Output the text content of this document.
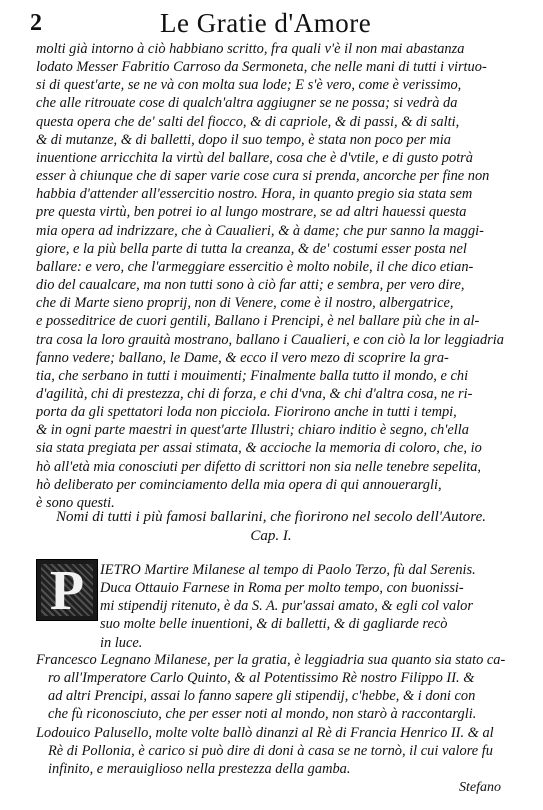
2	Le Gratie d'Amore
molti già intorno à ciò habbiano scritto, fra quali v'è il non mai abastanza
lodato Messer Fabritio Carroso da Sermoneta, che nelle mani di tutti i virtuo-
si di quest'arte, se ne và con molta sua lode; E s'è vero, come è verissimo,
che alle ritrouate cose di qualch'altra aggiugner se ne possa; si vedrà da
questa opera che de' salti del fiocco, & di capriole, & di passi, & di salti,
& di mutanze, & di balletti, dopo il suo tempo, è stata non poco per mia
inuentione arricchita la virtù del ballare, cosa che è d'vtile, e di gusto potrà
esser à chiunque che di saper varie cose cura si prenda, ancorche per fine non
habbia d'attender all'essercitio nostro. Hora, in quanto pregio sia stata sem
pre questa virtù, ben potrei io al lungo mostrare, se ad altri hauessi questa
mia opera ad indrizzare, che à Caualieri, & à dame; che pur sanno la maggi-
giore, e la più bella parte di tutta la creanza, & de' costumi esser posta nel
ballare: e vero, che l'armeggiare essercitio è molto nobile, il che dico etian-
dio del caualcare, ma non tutti sono à ciò far atti; e sembra, per vero dire,
che di Marte sieno proprij, non di Venere, come è il nostro, albergatrice,
e posseditrice de cuori gentili, Ballano i Prencipi, è nel ballare più che in al-
tra cosa la loro grauità mostrano, ballano i Caualieri, e con ciò la lor leggiadria
fanno vedere; ballano, le Dame, & ecco il vero mezo di scoprire la gra-
tia, che serbano in tutti i mouimenti; Finalmente balla tutto il mondo, e chi
d'agilità, chi di prestezza, chi di forza, e chi d'vna, & chi d'altra cosa, ne ri-
porta da gli spettatori loda non picciola. Fiorirono anche in tutti i tempi,
& in ogni parte maestri in quest'arte Illustri; chiaro inditio è segno, ch'ella
sia stata pregiata per assai stimata, & accioche la memoria di coloro, che, io
hò all'età mia conosciuti per difetto di scrittori non sia nelle tenebre sepelita,
hò deliberato per cominciamento della mia opera di qui annouerargli,
è sono questi.
Nomi di tutti i più famosi ballarini, che fiorirono nel secolo dell'Autore.
Cap. I.
P	IETRO Martire Milanese al tempo di Paolo Terzo, fù dal Serenis.
Duca Ottauio Farnese in Roma per molto tempo, con buonissi-
mi stipendij ritenuto, è da S. A. pur'assai amato, & egli col valor
suo molte belle inuentioni, & di balletti, & di gagliarde recò
in luce.
Francesco Legnano Milanese, per la gratia, è leggiadria sua quanto sia stato ca-
ro all'Imperatore Carlo Quinto, & al Potentissimo Rè nostro Filippo II. &
ad altri Prencipi, assai lo fanno sapere gli stipendij, c'hebbe, & i doni con
che fù riconosciuto, che per esser noti al mondo, non starò à raccontargli.
Lodouico Palusello, molte volte ballò dinanzi al Rè di Francia Henrico II. & al
Rè di Pollonia, è carico si può dire di doni à casa se ne tornò, il cui valore fu
infinito, e merauiglioso nella prestezza della gamba.
Stefano
